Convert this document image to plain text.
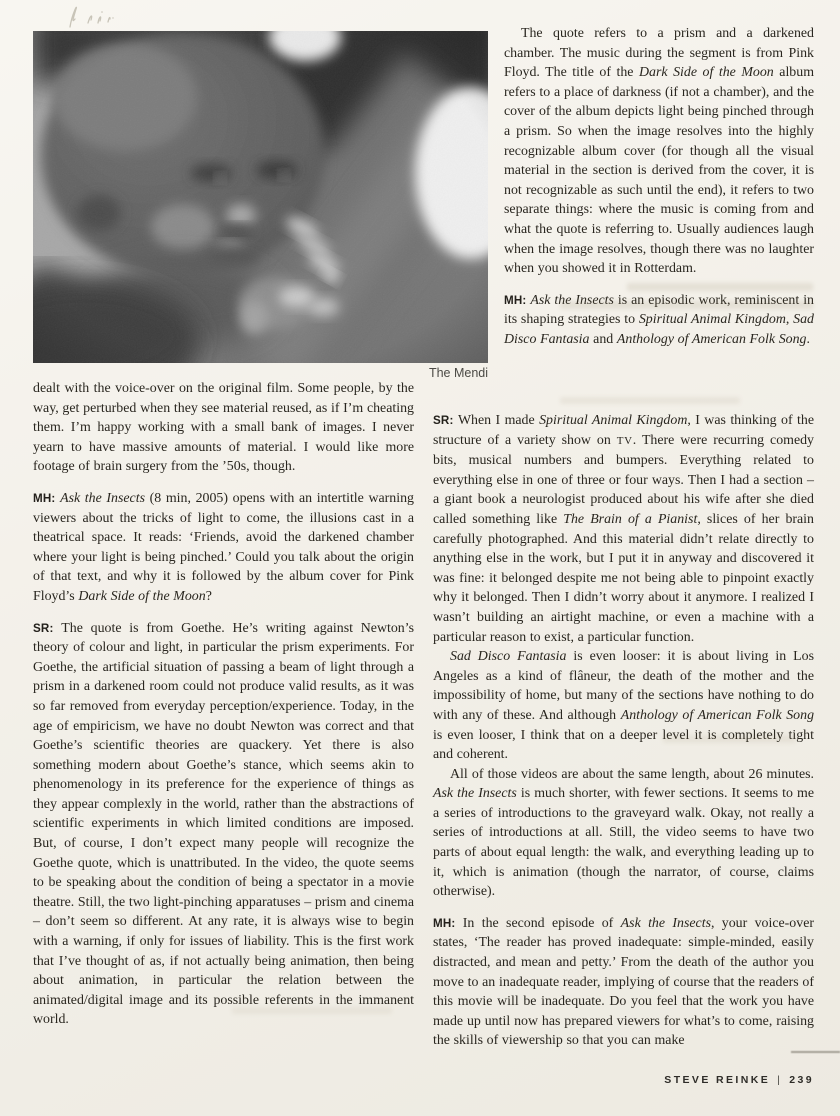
The Mendi

The quote refers to a prism and a darkened chamber. The music during the segment is from Pink Floyd. The title of the Dark Side of the Moon album refers to a place of darkness (if not a chamber), and the cover of the album depicts light being pinched through a prism. So when the image resolves into the highly recognizable album cover (for though all the visual material in the section is derived from the cover, it is not recognizable as such until the end), it refers to two separate things: where the music is coming from and what the quote is referring to. Usually audiences laugh when the image resolves, though there was no laughter when you showed it in Rotterdam.

MH: Ask the Insects is an episodic work, reminiscent in its shaping strategies to Spiritual Animal Kingdom, Sad Disco Fantasia and Anthology of American Folk Song.

dealt with the voice-over on the original film. Some people, by the way, get perturbed when they see material reused, as if I’m cheating them. I’m happy working with a small bank of images. I never yearn to have massive amounts of material. I would like more footage of brain surgery from the ’50s, though.

MH: Ask the Insects (8 min, 2005) opens with an intertitle warning viewers about the tricks of light to come, the illusions cast in a theatrical space. It reads: ‘Friends, avoid the darkened chamber where your light is being pinched.’ Could you talk about the origin of that text, and why it is followed by the album cover for Pink Floyd’s Dark Side of the Moon?

SR: The quote is from Goethe. He’s writing against Newton’s theory of colour and light, in particular the prism experiments. For Goethe, the artificial situation of passing a beam of light through a prism in a darkened room could not produce valid results, as it was so far removed from everyday perception/experience. Today, in the age of empiricism, we have no doubt Newton was correct and that Goethe’s scientific theories are quackery. Yet there is also something modern about Goethe’s stance, which seems akin to phenomenology in its preference for the experience of things as they appear complexly in the world, rather than the abstractions of scientific experiments in which limited conditions are imposed. But, of course, I don’t expect many people will recognize the Goethe quote, which is unattributed. In the video, the quote seems to be speaking about the condition of being a spectator in a movie theatre. Still, the two light-pinching apparatuses – prism and cinema – don’t seem so different. At any rate, it is always wise to begin with a warning, if only for issues of liability. This is the first work that I’ve thought of as, if not actually being animation, then being about animation, in particular the relation between the animated/digital image and its possible referents in the immanent world.

SR: When I made Spiritual Animal Kingdom, I was thinking of the structure of a variety show on TV. There were recurring comedy bits, musical numbers and bumpers. Everything related to everything else in one of three or four ways. Then I had a section – a giant book a neurologist produced about his wife after she died called something like The Brain of a Pianist, slices of her brain carefully photographed. And this material didn’t relate directly to anything else in the work, but I put it in anyway and discovered it was fine: it belonged despite me not being able to pinpoint exactly why it belonged. Then I didn’t worry about it anymore. I realized I wasn’t building an airtight machine, or even a machine with a particular reason to exist, a particular function.

Sad Disco Fantasia is even looser: it is about living in Los Angeles as a kind of flâneur, the death of the mother and the impossibility of home, but many of the sections have nothing to do with any of these. And although Anthology of American Folk Song is even looser, I think that on a deeper level it is completely tight and coherent.

All of those videos are about the same length, about 26 minutes. Ask the Insects is much shorter, with fewer sections. It seems to me a series of introductions to the graveyard walk. Okay, not really a series of introductions at all. Still, the video seems to have two parts of about equal length: the walk, and everything leading up to it, which is animation (though the narrator, of course, claims otherwise).

MH: In the second episode of Ask the Insects, your voice-over states, ‘The reader has proved inadequate: simple-minded, easily distracted, and mean and petty.’ From the death of the author you move to an inadequate reader, implying of course that the readers of this movie will be inadequate. Do you feel that the work you have made up until now has prepared viewers for what’s to come, raising the skills of viewership so that you can make

STEVE REINKE | 239
